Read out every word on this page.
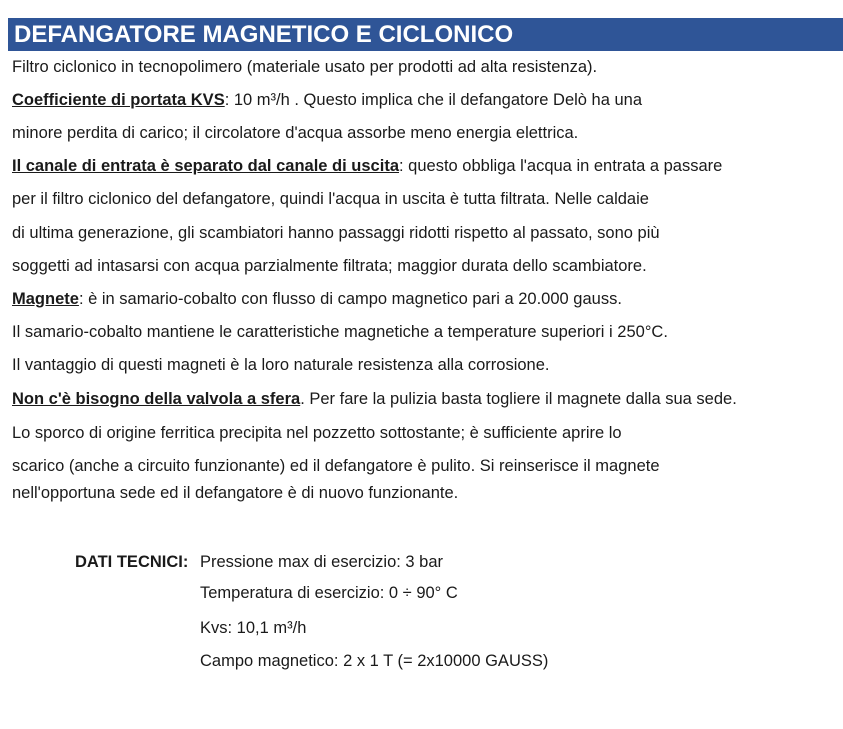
DEFANGATORE MAGNETICO E CICLONICO
Filtro ciclonico in tecnopolimero (materiale usato per prodotti ad alta resistenza).
Coefficiente di portata KVS: 10 m³/h . Questo implica che il defangatore Delò ha una
minore perdita di carico; il circolatore d'acqua assorbe meno energia elettrica.
Il canale di entrata è separato dal canale di uscita: questo obbliga l'acqua in entrata a passare
per il filtro ciclonico del defangatore, quindi l'acqua in uscita è tutta filtrata. Nelle caldaie
di ultima generazione, gli scambiatori hanno passaggi ridotti rispetto al passato, sono più
soggetti ad intasarsi con acqua parzialmente filtrata; maggior durata dello scambiatore.
Magnete: è in samario-cobalto con flusso di campo magnetico pari a 20.000 gauss.
Il samario-cobalto mantiene le caratteristiche magnetiche a temperature superiori i 250°C.
Il vantaggio di questi magneti è la loro naturale resistenza alla corrosione.
Non c'è bisogno della valvola a sfera. Per fare la pulizia basta togliere il magnete dalla sua sede.
Lo sporco di origine ferritica precipita nel pozzetto sottostante; è sufficiente aprire lo
scarico (anche a circuito funzionante) ed il defangatore è pulito. Si reinserisce il magnete
nell'opportuna sede ed il defangatore è di nuovo funzionante.
DATI TECNICI: Pressione max di esercizio: 3 bar
Temperatura di esercizio: 0 ÷ 90° C
Kvs: 10,1 m³/h
Campo magnetico: 2 x 1 T (= 2x10000 GAUSS)
